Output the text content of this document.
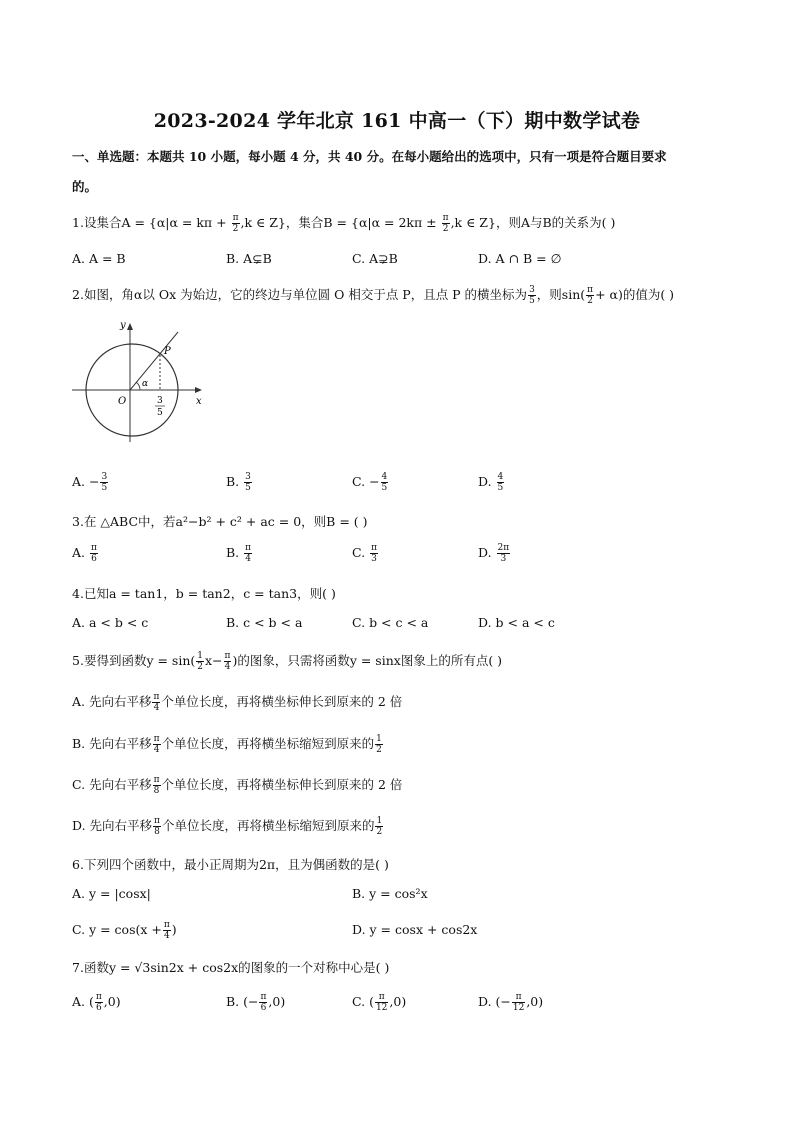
2023-2024 学年北京 161 中高一（下）期中数学试卷
一、单选题：本题共 10 小题，每小题 4 分，共 40 分。在每小题给出的选项中，只有一项是符合题目要求
的。
1.设集合$A = \{\alpha|\alpha = k\pi + \frac{\pi}{2} ,k$ ∈ Z}，集合$B = \{\alpha|\alpha = 2k\pi \pm \frac{\pi}{2} ,k$ ∈ Z}，则A与B的关系为( )
A. A = B	B. A⊊B	C. A⊋B	D. A ∩ B = ∅
2.如图，角α以 Ox 为始边，它的终边与单位圆 O 相交于点 P，且点 P 的横坐标为 $\frac{3}{5}$ ，则$\sin( \frac{\pi}{2} + \alpha)$的值为( )
y
x
O
P
α
3
5
A. − $\frac{3}{5}$	B. $\frac{3}{5}$	C. − $\frac{4}{5}$	D. $\frac{4}{5}$
3.在 △ABC中，若a²−b² + c² + ac = 0，则B = ( )
A. $\frac{\pi}{6}$	B. $\frac{\pi}{4}$	C. $\frac{\pi}{3}$	D. $\frac{2\pi}{3}$
4.已知a = tan1，b = tan2，c = tan3，则( )
A. a < b < c	B. c < b < a	C. b < c < a	D. b < a < c
5.要得到函数$y = \sin( \frac{1}{2} x- \frac{\pi}{4}$ )的图象，只需将函数y = sinx图象上的所有点( )
A. 先向右平移 $\frac{\pi}{4}$ 个单位长度，再将横坐标伸长到原来的 2 倍
B. 先向右平移 $\frac{\pi}{4}$ 个单位长度，再将横坐标缩短到原来的 $\frac{1}{2}$
C. 先向右平移 $\frac{\pi}{8}$ 个单位长度，再将横坐标伸长到原来的 2 倍
D. 先向右平移 $\frac{\pi}{8}$ 个单位长度，再将横坐标缩短到原来的 $\frac{1}{2}$
6.下列四个函数中，最小正周期为2π，且为偶函数的是( )
A. y = |cosx|	B. y = cos²x
C. $y = \cos(x + \frac{\pi}{4}$ )	D. y = cosx + cos2x
7.函数y = √3sin2x + cos2x的图象的一个对称中心是( )
A. ( $\frac{\pi}{6} ,0$)	B. (− $\frac{\pi}{6} ,0$)	C. ( $\frac{\pi}{12} ,0$)	D. (− $\frac{\pi}{12} ,0$)
